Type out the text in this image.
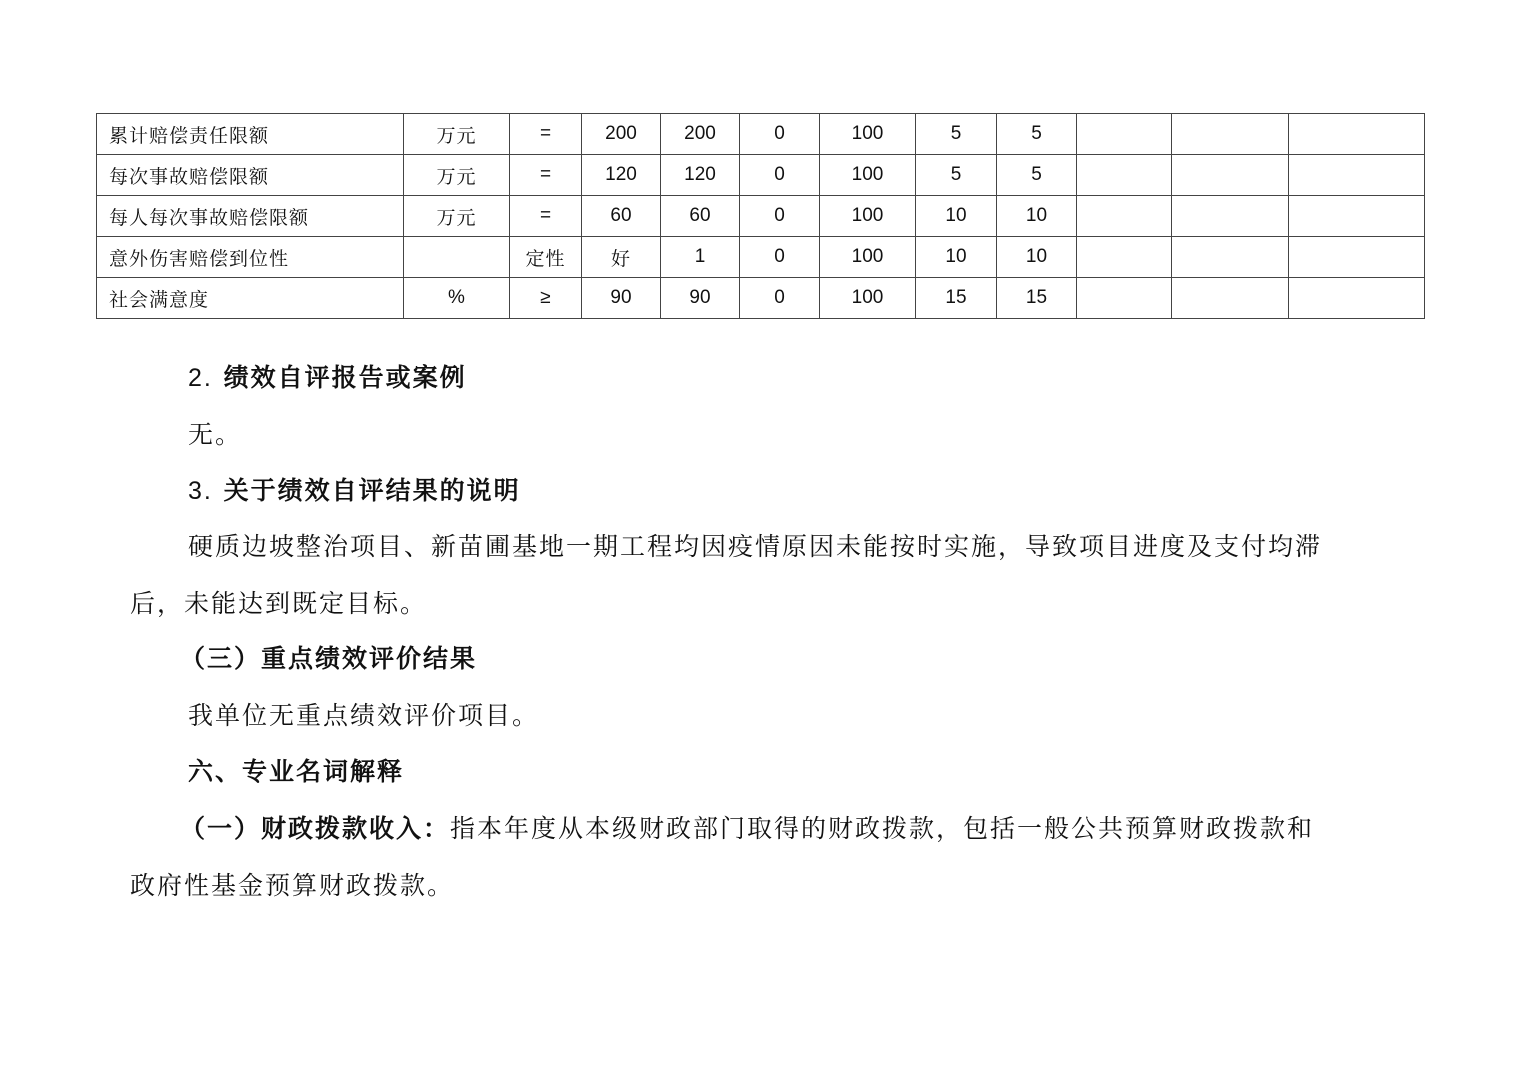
累计赔偿责任限额	万元	=	200	200	0	100	5	5			
每次事故赔偿限额	万元	=	120	120	0	100	5	5			
每人每次事故赔偿限额	万元	=	60	60	0	100	10	10			
意外伤害赔偿到位性		定性	好	1	0	100	10	10			
社会满意度	%	≥	90	90	0	100	15	15			

2. 绩效自评报告或案例

无。

3. 关于绩效自评结果的说明

硬质边坡整治项目、新苗圃基地一期工程均因疫情原因未能按时实施，导致项目进度及支付均滞

后，未能达到既定目标。

（三）重点绩效评价结果

我单位无重点绩效评价项目。

六、专业名词解释

（一）财政拨款收入：指本年度从本级财政部门取得的财政拨款，包括一般公共预算财政拨款和

政府性基金预算财政拨款。
